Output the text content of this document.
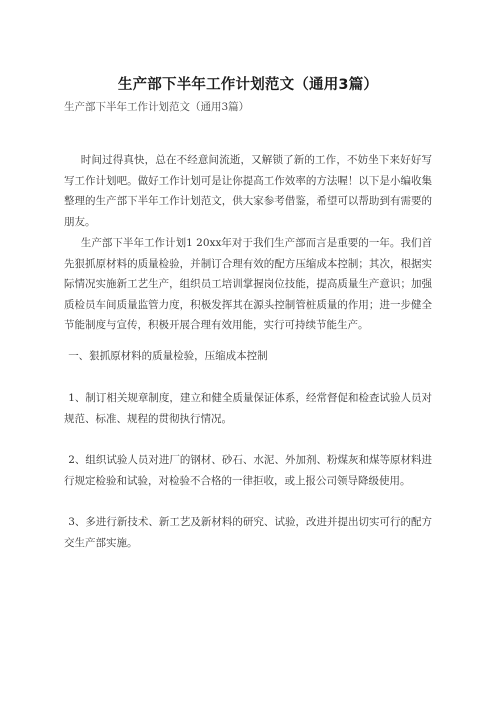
生产部下半年工作计划范文（通用3篇）
生产部下半年工作计划范文（通用3篇）

时间过得真快，总在不经意间流逝，又解锁了新的工作，不妨坐下来好好写写工作计划吧。做好工作计划可是让你提高工作效率的方法喔！以下是小编收集整理的生产部下半年工作计划范文，供大家参考借鉴，希望可以帮助到有需要的朋友。

生产部下半年工作计划1 20xx年对于我们生产部而言是重要的一年。我们首先狠抓原材料的质量检验，并制订合理有效的配方压缩成本控制；其次，根据实际情况实施新工艺生产，组织员工培训掌握岗位技能，提高质量生产意识；加强质检员车间质量监管力度，积极发挥其在源头控制管桩质量的作用；进一步健全节能制度与宣传，积极开展合理有效用能，实行可持续节能生产。

一、狠抓原材料的质量检验，压缩成本控制

1、制订相关规章制度，建立和健全质量保证体系，经常督促和检查试验人员对规范、标准、规程的贯彻执行情况。

2、组织试验人员对进厂的钢材、砂石、水泥、外加剂、粉煤灰和煤等原材料进行规定检验和试验，对检验不合格的一律拒收，或上报公司领导降级使用。

3、多进行新技术、新工艺及新材料的研究、试验，改进并提出切实可行的配方交生产部实施。
